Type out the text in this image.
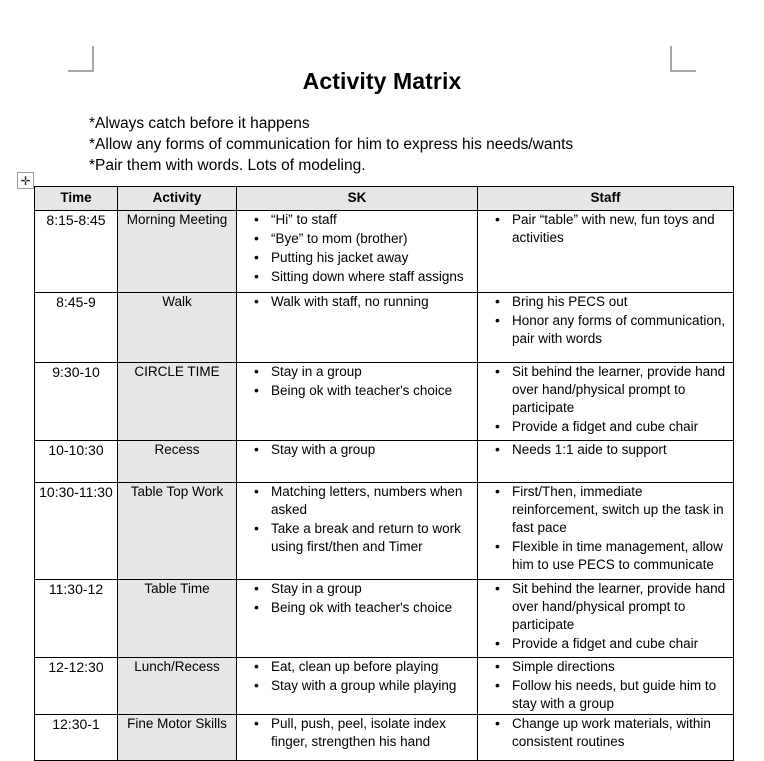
Activity Matrix
*Always catch before it happens
*Allow any forms of communication for him to express his needs/wants
*Pair them with words. Lots of modeling.
✛
Time	Activity	SK	Staff
8:15-8:45	Morning Meeting	
•“Hi” to staff
• “Bye” to mom (brother)
• Putting his jacket away
• Sitting down where staff assigns

• Pair “table” with new, fun toys and activities

8:45-9	Walk	
•Walk with staff, no running

•Bring his PECS out
• Honor any forms of communication, pair with words

9:30-10	CIRCLE TIME	
•Stay in a group
• Being ok with teacher's choice

• Sit behind the learner, provide hand over hand/physical prompt to participate
• Provide a fidget and cube chair

10-10:30	Recess	
•Stay with a group

•Needs 1:1 aide to support

10:30-11:30	Table Top Work	
•Matching letters, numbers when asked
• Take a break and return to work using first/then and Timer

• First/Then, immediate reinforcement, switch up the task in fast pace
• Flexible in time management, allow him to use PECS to communicate

11:30-12	Table Time	
•Stay in a group
• Being ok with teacher's choice

• Sit behind the learner, provide hand over hand/physical prompt to participate
• Provide a fidget and cube chair

12-12:30	Lunch/Recess	
•Eat, clean up before playing
• Stay with a group while playing

• Simple directions
• Follow his needs, but guide him to stay with a group

12:30-1	Fine Motor Skills	
•Pull, push, peel, isolate index finger, strengthen his hand

• Change up work materials, within consistent routines
